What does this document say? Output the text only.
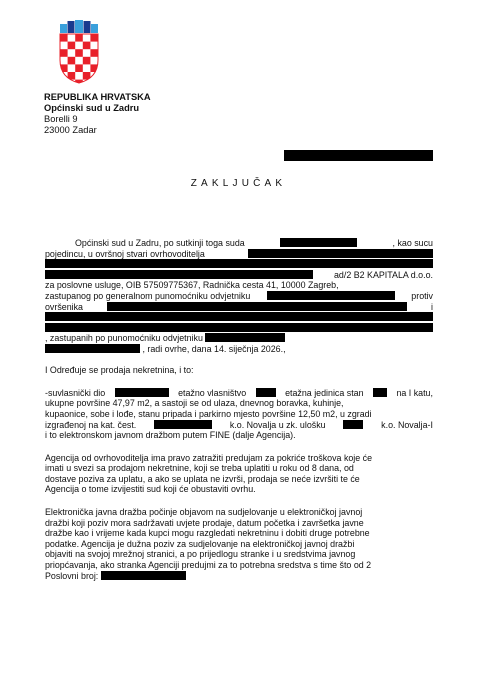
REPUBLIKA HRVATSKA
Općinski sud u Zadru
Borelli 9
23000 Zadar
ZAKLJUČAK
Općinski sud u Zadru, po sutkinji toga suda	, kao sucu
pojedincu, u ovršnoj stvari ovrhovoditelja
ad/2 B2 KAPITALA d.o.o.
za poslovne usluge, OIB 57509775367, Radnička cesta 41, 10000 Zagreb,
zastupanog po generalnom punomoćniku odvjetniku	protiv
ovršenika	i
, zastupanih po punomoćniku odvjetniku
, radi ovrhe, dana 14. siječnja 2026.,
I Određuje se prodaja nekretnina, i to:
-suvlasnički dio	etažno vlasništvo	etažna jedinica stan	na I katu,
ukupne površine 47,97 m2, a sastoji se od ulaza, dnevnog boravka, kuhinje,
kupaonice, sobe i lođe, stanu pripada i parkirno mjesto površine 12,50 m2, u zgradi
izgrađenoj na kat. čest.	k.o. Novalja u zk. ulošku	k.o. Novalja-I
i to elektronskom javnom dražbom putem FINE (dalje Agencija).
Agencija od ovrhovoditelja ima pravo zatražiti predujam za pokriće troškova koje će
imati u svezi sa prodajom nekretnine, koji se treba uplatiti u roku od 8 dana, od
dostave poziva za uplatu, a ako se uplata ne izvrši, prodaja se neće izvršiti te će
Agencija o tome izvijestiti sud koji će obustaviti ovrhu.
Elektronička javna dražba počinje objavom na sudjelovanje u elektroničkoj javnoj
dražbi koji poziv mora sadržavati uvjete prodaje, datum početka i završetka javne
dražbe kao i vrijeme kada kupci mogu razgledati nekretninu i dobiti druge potrebne
podatke. Agencija je dužna poziv za sudjelovanje na elektroničkoj javnoj dražbi
objaviti na svojoj mrežnoj stranici, a po prijedlogu stranke i u sredstvima javnog
priopćavanja, ako stranka Agenciji predujmi za to potrebna sredstva s time što od 2
Poslovni broj:
